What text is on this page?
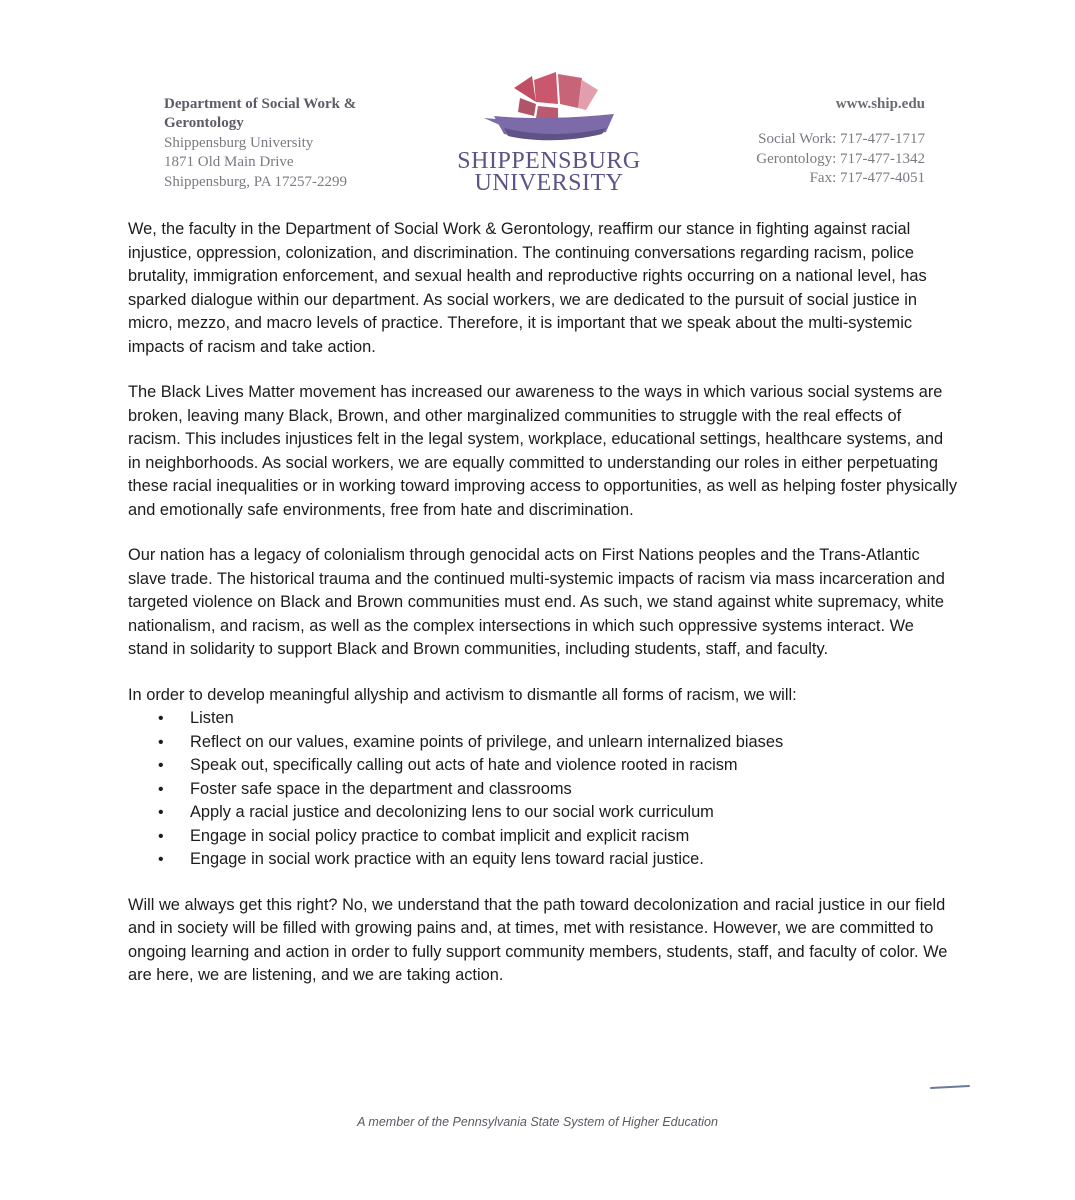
Department of Social Work & Gerontology
Shippensburg University
1871 Old Main Drive
Shippensburg, PA 17257-2299
SHIPPENSBURG
UNIVERSITY
www.ship.edu
Social Work: 717-477-1717
Gerontology: 717-477-1342
Fax: 717-477-4051

We, the faculty in the Department of Social Work & Gerontology, reaffirm our stance in fighting against racial injustice, oppression, colonization, and discrimination. The continuing conversations regarding racism, police brutality, immigration enforcement, and sexual health and reproductive rights occurring on a national level, has sparked dialogue within our department. As social workers, we are dedicated to the pursuit of social justice in micro, mezzo, and macro levels of practice. Therefore, it is important that we speak about the multi-systemic impacts of racism and take action.

The Black Lives Matter movement has increased our awareness to the ways in which various social systems are broken, leaving many Black, Brown, and other marginalized communities to struggle with the real effects of racism. This includes injustices felt in the legal system, workplace, educational settings, healthcare systems, and in neighborhoods. As social workers, we are equally committed to understanding our roles in either perpetuating these racial inequalities or in working toward improving access to opportunities, as well as helping foster physically and emotionally safe environments, free from hate and discrimination.

Our nation has a legacy of colonialism through genocidal acts on First Nations peoples and the Trans-Atlantic slave trade. The historical trauma and the continued multi-systemic impacts of racism via mass incarceration and targeted violence on Black and Brown communities must end. As such, we stand against white supremacy, white nationalism, and racism, as well as the complex intersections in which such oppressive systems interact. We stand in solidarity to support Black and Brown communities, including students, staff, and faculty.

In order to develop meaningful allyship and activism to dismantle all forms of racism, we will:
• Listen
• Reflect on our values, examine points of privilege, and unlearn internalized biases
• Speak out, specifically calling out acts of hate and violence rooted in racism
• Foster safe space in the department and classrooms
• Apply a racial justice and decolonizing lens to our social work curriculum
• Engage in social policy practice to combat implicit and explicit racism
• Engage in social work practice with an equity lens toward racial justice.

Will we always get this right? No, we understand that the path toward decolonization and racial justice in our field and in society will be filled with growing pains and, at times, met with resistance. However, we are committed to ongoing learning and action in order to fully support community members, students, staff, and faculty of color. We are here, we are listening, and we are taking action.

A member of the Pennsylvania State System of Higher Education
